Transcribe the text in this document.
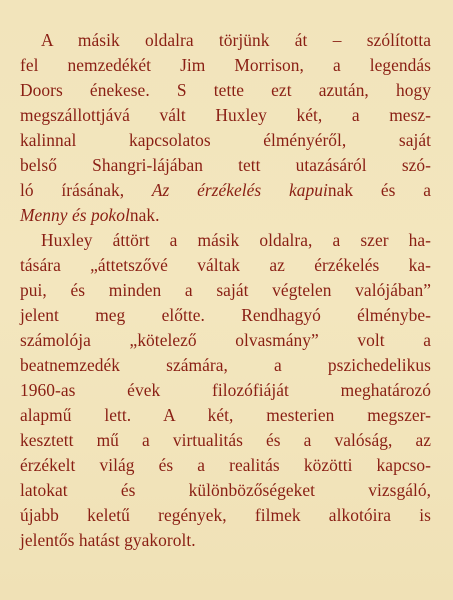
A másik oldalra törjünk át – szólította
fel nemzedékét Jim Morrison, a legendás
Doors énekese. S tette ezt azután, hogy
megszállottjává vált Huxley két, a mesz-
kalinnal kapcsolatos élményéről, saját
belső Shangri-lájában tett utazásáról szó-
ló írásának, Az érzékelés kapuinak és a
Menny és pokolnak.

Huxley áttört a másik oldalra, a szer ha-
tására „áttetszővé váltak az érzékelés ka-
pui, és minden a saját végtelen valójában”
jelent meg előtte. Rendhagyó élménybe-
számolója „kötelező olvasmány” volt a
beatnemzedék számára, a pszichedelikus
1960-as évek filozófiáját meghatározó
alapmű lett. A két, mesterien megszer-
kesztett mű a virtualitás és a valóság, az
érzékelt világ és a realitás közötti kapcso-
latokat és különbözőségeket vizsgáló,
újabb keletű regények, filmek alkotóira is
jelentős hatást gyakorolt.
